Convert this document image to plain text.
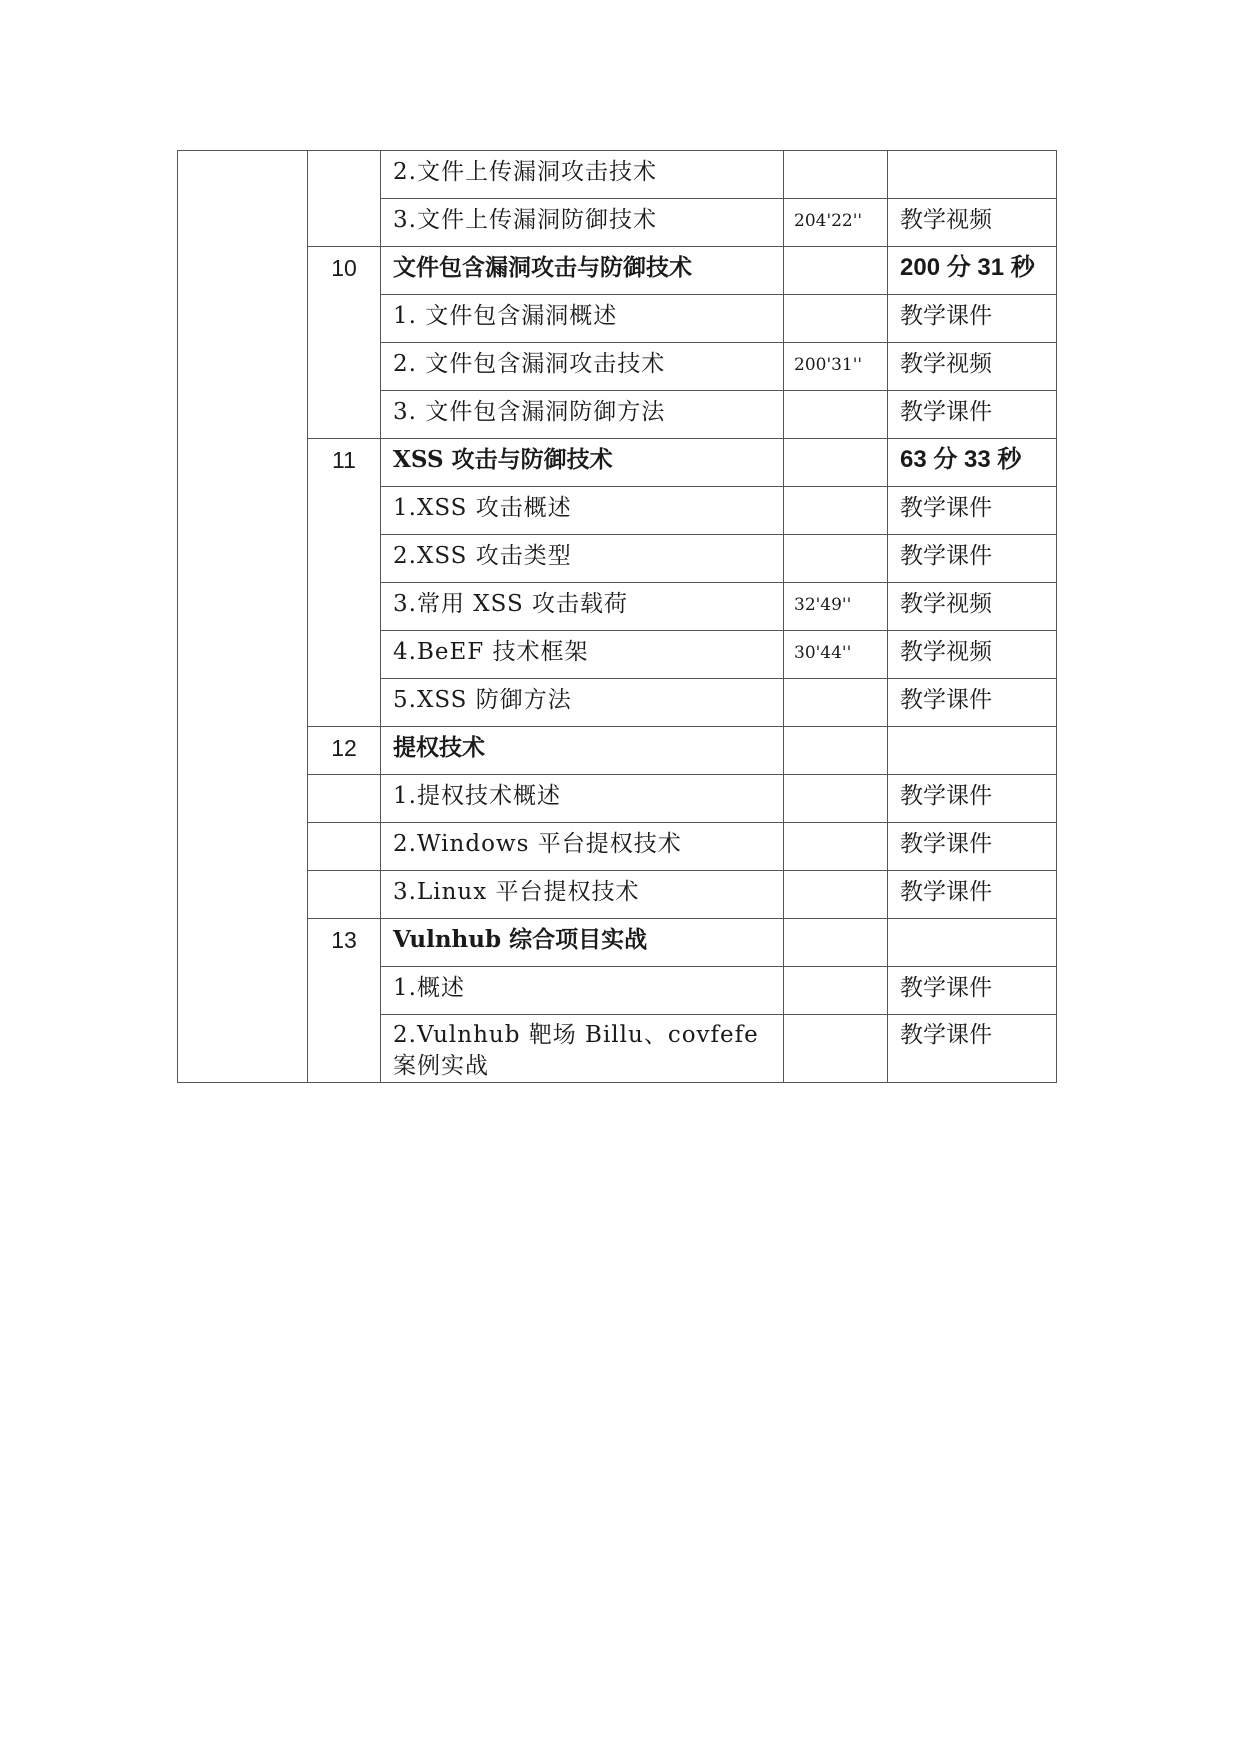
		2.文件上传漏洞攻击技术		
		3.文件上传漏洞防御技术	204'22''	教学视频
	10	文件包含漏洞攻击与防御技术		200 分 31 秒
		1. 文件包含漏洞概述		教学课件
		2. 文件包含漏洞攻击技术	200'31''	教学视频
		3. 文件包含漏洞防御方法		教学课件
	11	XSS 攻击与防御技术		63 分 33 秒
		1.XSS 攻击概述		教学课件
		2.XSS 攻击类型		教学课件
		3.常用 XSS 攻击载荷	32'49''	教学视频
		4.BeEF 技术框架	30'44''	教学视频
		5.XSS 防御方法		教学课件
	12	提权技术		
		1.提权技术概述		教学课件
		2.Windows 平台提权技术		教学课件
		3.Linux 平台提权技术		教学课件
	13	Vulnhub 综合项目实战		
		1.概述		教学课件
		2.Vulnhub 靶场 Billu、covfefe 案例实战		教学课件
